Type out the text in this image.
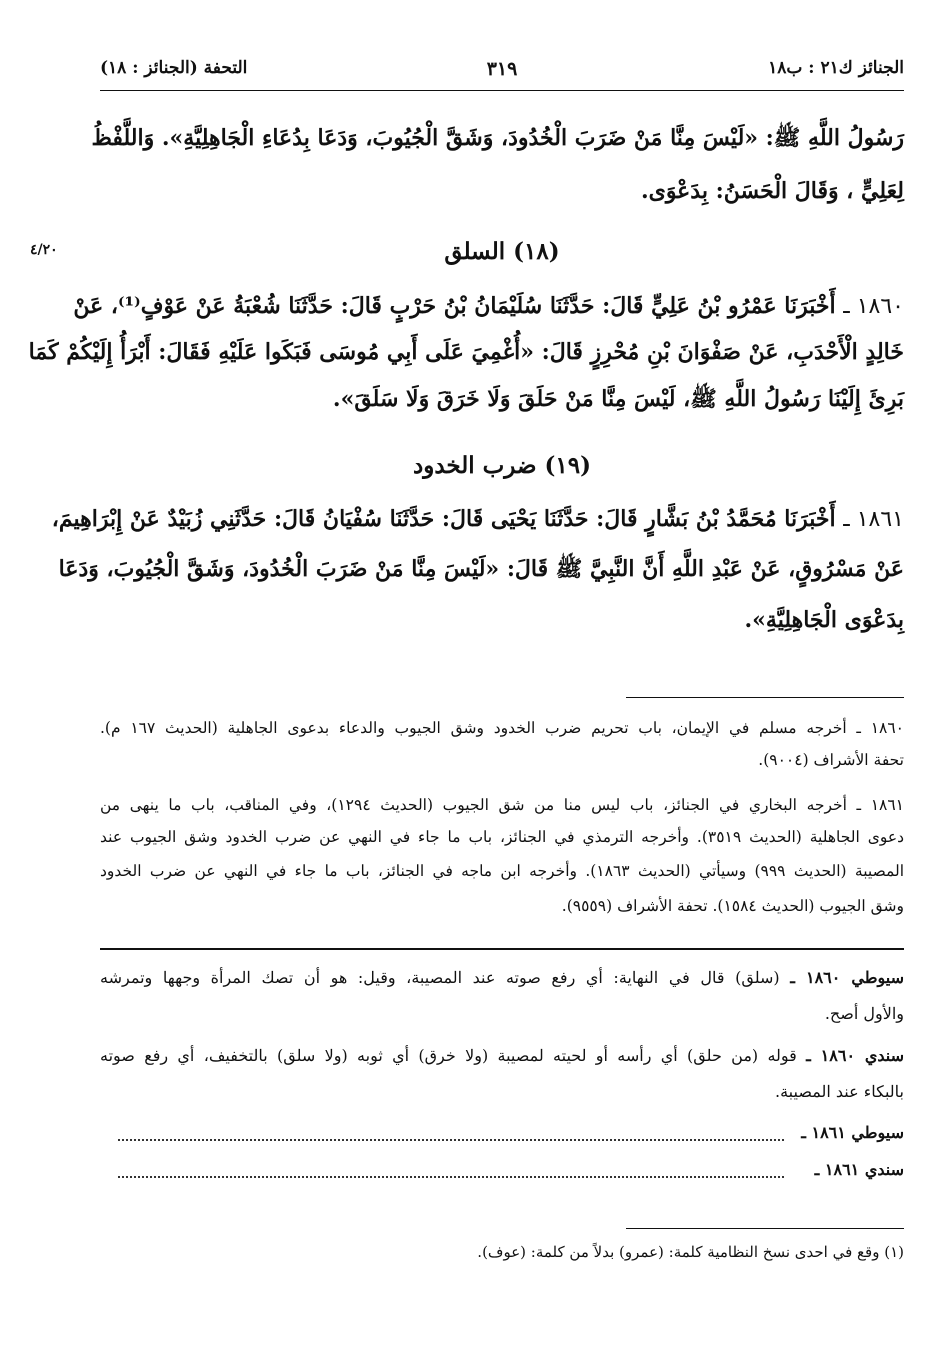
الجنائز ك٢١ : ب١٨
٣١٩
التحفة (الجنائز : ١٨)
رَسُولُ اللَّهِ ﷺ: «لَيْسَ مِنَّا مَنْ ضَرَبَ الْخُدُودَ، وَشَقَّ الْجُيُوبَ، وَدَعَا بِدُعَاءِ الْجَاهِلِيَّةِ». وَاللَّفْظُ
لِعَلِيٍّ ، وَقَالَ الْحَسَنُ: بِدَعْوَى.
٤/٢٠	(١٨) السلق
١٨٦٠ ـ أَخْبَرَنَا عَمْرُو بْنُ عَلِيٍّ قَالَ: حَدَّثَنَا سُلَيْمَانُ بْنُ حَرْبٍ قَالَ: حَدَّثَنَا شُعْبَةُ عَنْ عَوْفٍ⁽¹⁾، عَنْ
خَالِدٍ الْأَحْدَبِ، عَنْ صَفْوَانَ بْنِ مُحْرِزٍ قَالَ: «أُغْمِيَ عَلَى أَبِي مُوسَى فَبَكَوا عَلَيْهِ فَقَالَ: أَبْرَأُ إِلَيْكُمْ كَمَا
بَرِئَ إِلَيْنَا رَسُولُ اللَّهِ ﷺ، لَيْسَ مِنَّا مَنْ حَلَقَ وَلَا خَرَقَ وَلَا سَلَقَ».
(١٩) ضرب الخدود
١٨٦١ ـ أَخْبَرَنَا مُحَمَّدُ بْنُ بَشَّارٍ قَالَ: حَدَّثَنَا يَحْيَى قَالَ: حَدَّثَنَا سُفْيَانُ قَالَ: حَدَّثَنِي زُبَيْدٌ عَنْ إِبْرَاهِيمَ،
عَنْ مَسْرُوقٍ، عَنْ عَبْدِ اللَّهِ أَنَّ النَّبِيَّ ﷺ قَالَ: «لَيْسَ مِنَّا مَنْ ضَرَبَ الْخُدُودَ، وَشَقَّ الْجُيُوبَ، وَدَعَا
بِدَعْوَى الْجَاهِلِيَّةِ».
١٨٦٠ ـ أخرجه مسلم في الإيمان، باب تحريم ضرب الخدود وشق الجيوب والدعاء بدعوى الجاهلية (الحديث ١٦٧ م).
تحفة الأشراف (٩٠٠٤).
١٨٦١ ـ أخرجه البخاري في الجنائز، باب ليس منا من شق الجيوب (الحديث ١٢٩٤)، وفي المناقب، باب ما ينهى من
دعوى الجاهلية (الحديث ٣٥١٩). وأخرجه الترمذي في الجنائز، باب ما جاء في النهي عن ضرب الخدود وشق الجيوب عند
المصيبة (الحديث ٩٩٩) وسيأتي (الحديث ١٨٦٣). وأخرجه ابن ماجه في الجنائز، باب ما جاء في النهي عن ضرب الخدود
وشق الجيوب (الحديث ١٥٨٤). تحفة الأشراف (٩٥٥٩).
سيوطي ١٨٦٠ ـ (سلق) قال في النهاية: أي رفع صوته عند المصيبة، وقيل: هو أن تصك المرأة وجهها وتمرشه
والأول أصح.
سندي ١٨٦٠ ـ قوله (من حلق) أي رأسه أو لحيته لمصيبة (ولا خرق) أي ثوبه (ولا سلق) بالتخفيف، أي رفع صوته
بالبكاء عند المصيبة.
سيوطي ١٨٦١ ـ
سندي ١٨٦١ ـ
(١) وقع في احدى نسخ النظامية كلمة: (عمرو) بدلاً من كلمة: (عوف).
